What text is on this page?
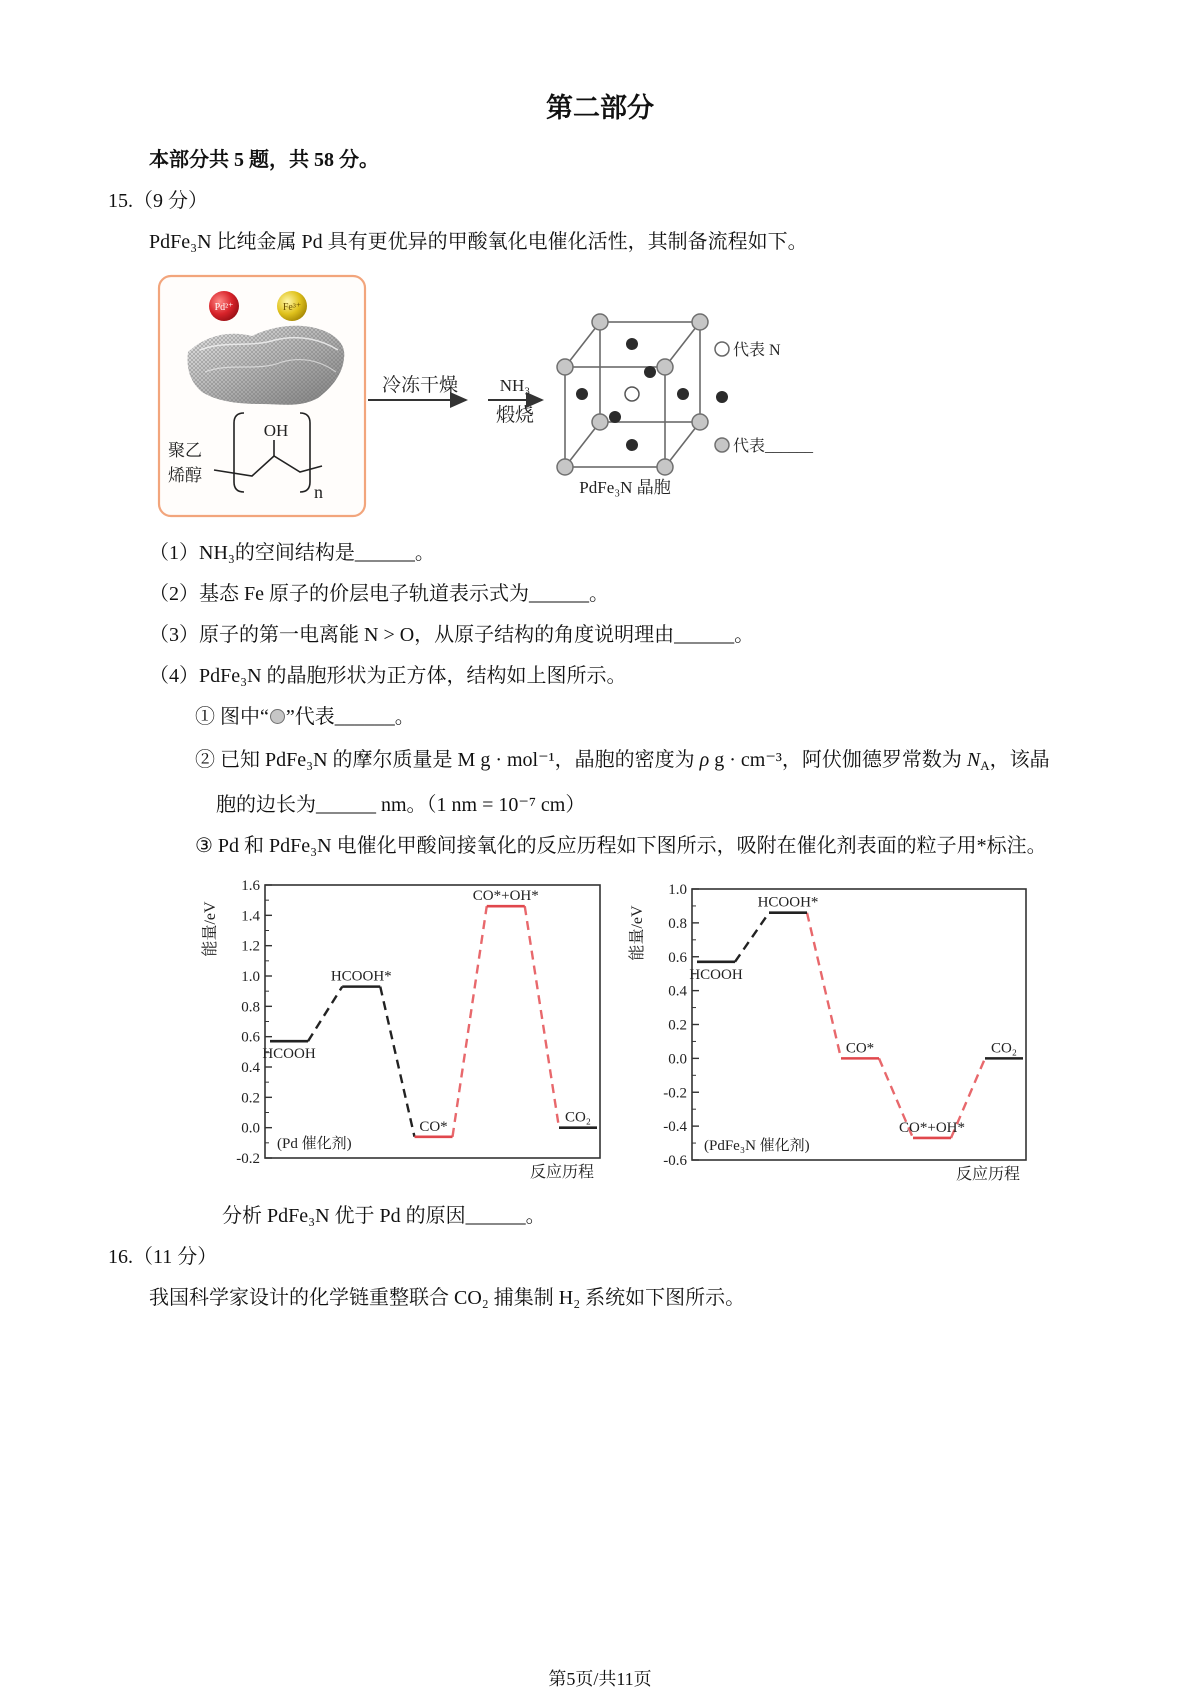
第二部分
本部分共 5 题，共 58 分。
15.（9 分）
PdFe₃N 比纯金属 Pd 具有更优异的甲酸氧化电催化活性，其制备流程如下。
Pd²⁺	Fe³⁺
聚乙
烯醇
OH
n
冷冻干燥 NH₃
煅烧
代表 N
代表______
PdFe₃N 晶胞
（1）NH₃的空间结构是______。
（2）基态 Fe 原子的价层电子轨道表示式为______。
（3）原子的第一电离能 N > O，从原子结构的角度说明理由______。
（4）PdFe₃N 的晶胞形状为正方体，结构如上图所示。
① 图中“ ”代表______。
② 已知 PdFe₃N 的摩尔质量是 M g · mol⁻¹，晶胞的密度为 ρ g · cm⁻³，阿伏伽德罗常数为 $N_A$，该晶
胞的边长为______ nm。（1 nm = 10⁻⁷ cm）
③ Pd 和 PdFe₃N 电催化甲酸间接氧化的反应历程如下图所示，吸附在催化剂表面的粒子用*标注。
-0.2
0.0
0.2
0.4
0.6
0.8
1.0
1.2
1.4
1.6
能量/eV
反应历程
(Pd 催化剂)
HCOOH
HCOOH*
CO*
CO*+OH*
CO₂
-0.6
-0.4
-0.2
0.0
0.2
0.4
0.6
0.8
1.0
能量/eV
反应历程
(PdFe₃N 催化剂)
HCOOH
HCOOH*
CO*
CO*+OH*
CO₂
分析 PdFe₃N 优于 Pd 的原因______。
16.（11 分）
我国科学家设计的化学链重整联合 CO₂ 捕集制 H₂ 系统如下图所示。
第5页/共11页
